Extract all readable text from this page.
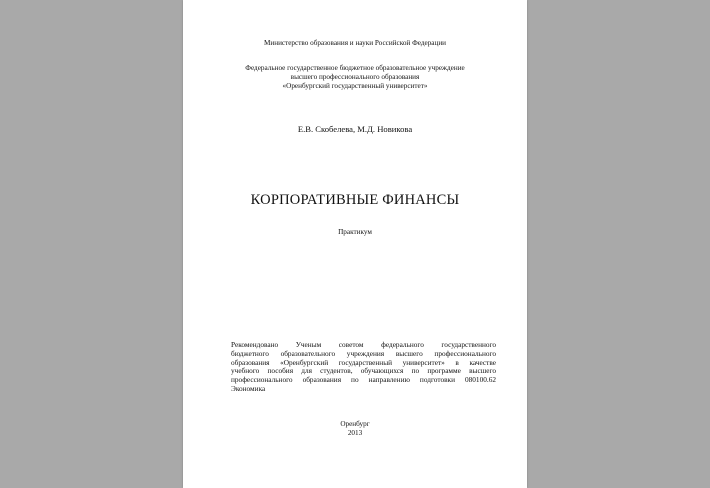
Министерство образования и науки Российской Федерации
Федеральное государственное бюджетное образовательное учреждение
высшего профессионального образования
«Оренбургский государственный университет»
Е.В. Скобелева, М.Д. Новикова
КОРПОРАТИВНЫЕ ФИНАНСЫ
Практикум
Рекомендовано Ученым советом федерального государственного
бюджетного образовательного учреждения высшего профессионального
образования «Оренбургский государственный университет» в качестве
учебного пособия для студентов, обучающихся по программе высшего
профессионального образования по направлению подготовки 080100.62
Экономика
Оренбург
2013
